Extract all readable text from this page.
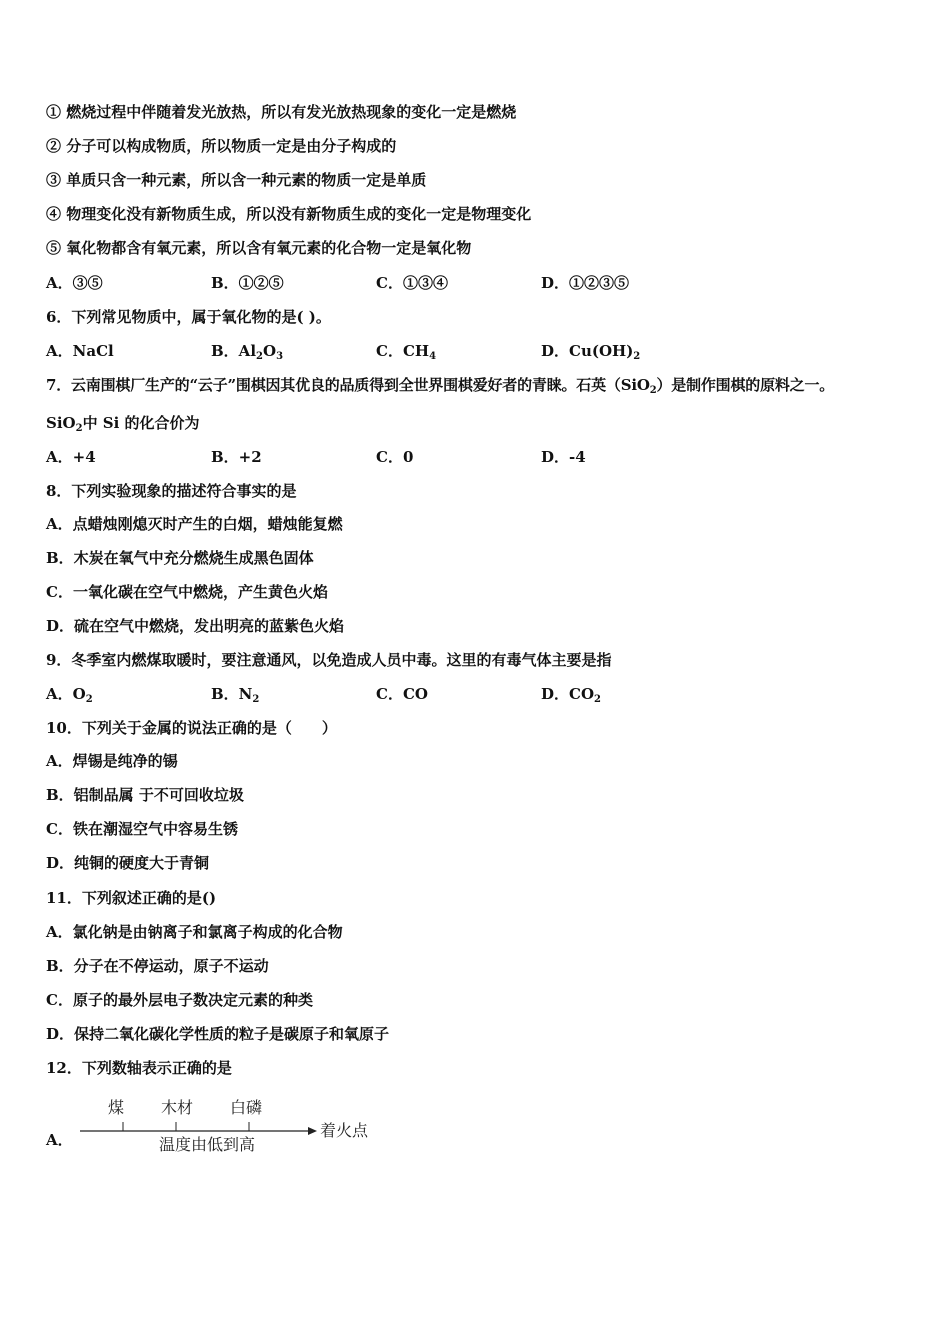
① 燃烧过程中伴随着发光放热，所以有发光放热现象的变化一定是燃烧
② 分子可以构成物质，所以物质一定是由分子构成的
③ 单质只含一种元素，所以含一种元素的物质一定是单质
④ 物理变化没有新物质生成，所以没有新物质生成的变化一定是物理变化
⑤ 氧化物都含有氧元素，所以含有氧元素的化合物一定是氧化物
A．③⑤	B．①②⑤	C．①③④	D．①②③⑤
6．下列常见物质中，属于氧化物的是( )。
A．NaCl	B．$Al_2O_3$	C．$CH_4$	D．$Cu(OH)_2$
7．云南围棋厂生产的“云子”围棋因其优良的品质得到全世界围棋爱好者的青睐。石英（SiO$_2$）是制作围棋的原料之一。
SiO$_2$中 Si 的化合价为
A．+4	B．+2	C．0	D．-4
8．下列实验现象的描述符合事实的是
A．点蜡烛刚熄灭时产生的白烟，蜡烛能复燃
B．木炭在氧气中充分燃烧生成黑色固体
C．一氧化碳在空气中燃烧，产生黄色火焰
D．硫在空气中燃烧，发出明亮的蓝紫色火焰
9．冬季室内燃煤取暖时，要注意通风，以免造成人员中毒。这里的有毒气体主要是指
A．$O_2$	B．$N_2$	C．CO	D．$CO_2$
10．下列关于金属的说法正确的是（　　）
A．焊锡是纯净的锡
B．铝制品属 于不可回收垃圾
C．铁在潮湿空气中容易生锈
D．纯铜的硬度大于青铜
11．下列叙述正确的是()
A．氯化钠是由钠离子和氯离子构成的化合物
B．分子在不停运动，原子不运动
C．原子的最外层电子数决定元素的种类
D．保持二氧化碳化学性质的粒子是碳原子和氧原子
12．下列数轴表示正确的是
A．
煤 木材 白磷
着火点
温度由低到高
